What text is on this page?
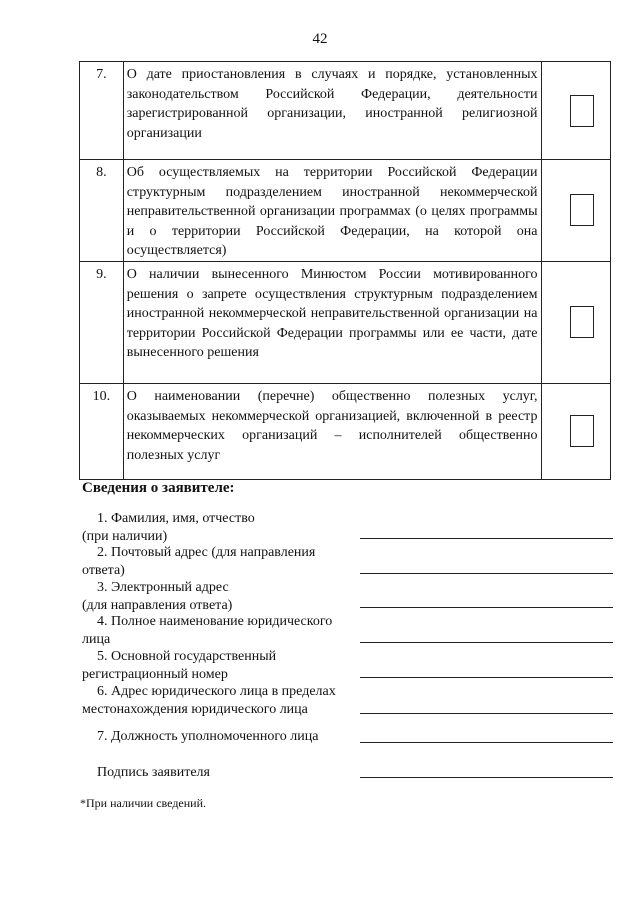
42
7.	О дате приостановления в случаях и порядке, установленных законодательством Российской Федерации, деятельности зарегистрированной организации, иностранной религиозной организации	

8.	Об осуществляемых на территории Российской Федерации структурным подразделением иностранной некоммерческой неправительственной организации программах (о целях программы и о территории Российской Федерации, на которой она осуществляется)	

9.	О наличии вынесенного Минюстом России мотивированного решения о запрете осуществления структурным подразделением иностранной некоммерческой неправительственной организации на территории Российской Федерации программы или ее части, дате вынесенного решения	

10.	О наименовании (перечне) общественно полезных услуг, оказываемых некоммерческой организацией, включенной в реестр некоммерческих организаций – исполнителей общественно полезных услуг	
Сведения о заявителе:
1. Фамилия, имя, отчество
(при наличии)
2. Почтовый адрес (для направления
ответа)
3. Электронный адрес
(для направления ответа)
4. Полное наименование юридического
лица
5. Основной государственный
регистрационный номер
6. Адрес юридического лица в пределах
местонахождения юридического лица
7. Должность уполномоченного лица
Подпись заявителя
*При наличии сведений.
